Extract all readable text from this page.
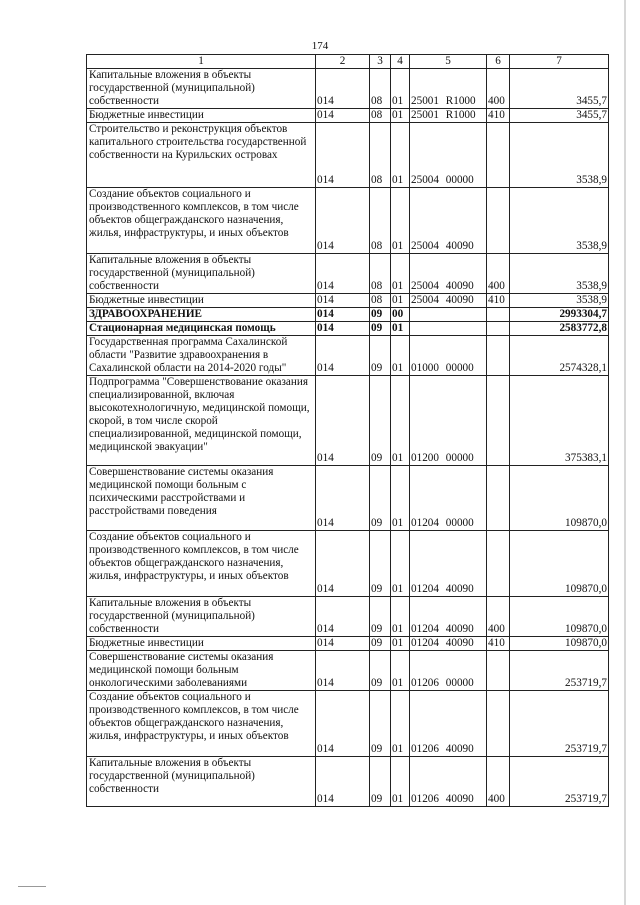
174
1	2	3	4	5	6	7
Капитальные вложения в объекты государственной (муниципальной) собственности	014	08	01	25001 R1000	400	3455,7
Бюджетные инвестиции	014	08	01	25001 R1000	410	3455,7
Строительство и реконструкция объектов капитального строительства государственной собственности на Курильских островах	014	08	01	25004 00000		3538,9
Создание объектов социального и производственного комплексов, в том числе объектов общегражданского назначения, жилья, инфраструктуры, и иных объектов	014	08	01	25004 40090		3538,9
Капитальные вложения в объекты государственной (муниципальной) собственности	014	08	01	25004 40090	400	3538,9
Бюджетные инвестиции	014	08	01	25004 40090	410	3538,9
ЗДРАВООХРАНЕНИЕ	014	09	00			2993304,7
Стационарная медицинская помощь	014	09	01			2583772,8
Государственная программа Сахалинской области "Развитие здравоохранения в Сахалинской области на 2014-2020 годы"	014	09	01	01000 00000		2574328,1
Подпрограмма "Совершенствование оказания специализированной, включая высокотехнологичную, медицинской помощи, скорой, в том числе скорой специализированной, медицинской помощи, медицинской эвакуации"	014	09	01	01200 00000		375383,1
Совершенствование системы оказания медицинской помощи больным с психическими расстройствами и расстройствами поведения	014	09	01	01204 00000		109870,0
Создание объектов социального и производственного комплексов, в том числе объектов общегражданского назначения, жилья, инфраструктуры, и иных объектов	014	09	01	01204 40090		109870,0
Капитальные вложения в объекты государственной (муниципальной) собственности	014	09	01	01204 40090	400	109870,0
Бюджетные инвестиции	014	09	01	01204 40090	410	109870,0
Совершенствование системы оказания медицинской помощи больным онкологическими заболеваниями	014	09	01	01206 00000		253719,7
Создание объектов социального и производственного комплексов, в том числе объектов общегражданского назначения, жилья, инфраструктуры, и иных объектов	014	09	01	01206 40090		253719,7
Капитальные вложения в объекты государственной (муниципальной) собственности	014	09	01	01206 40090	400	253719,7
